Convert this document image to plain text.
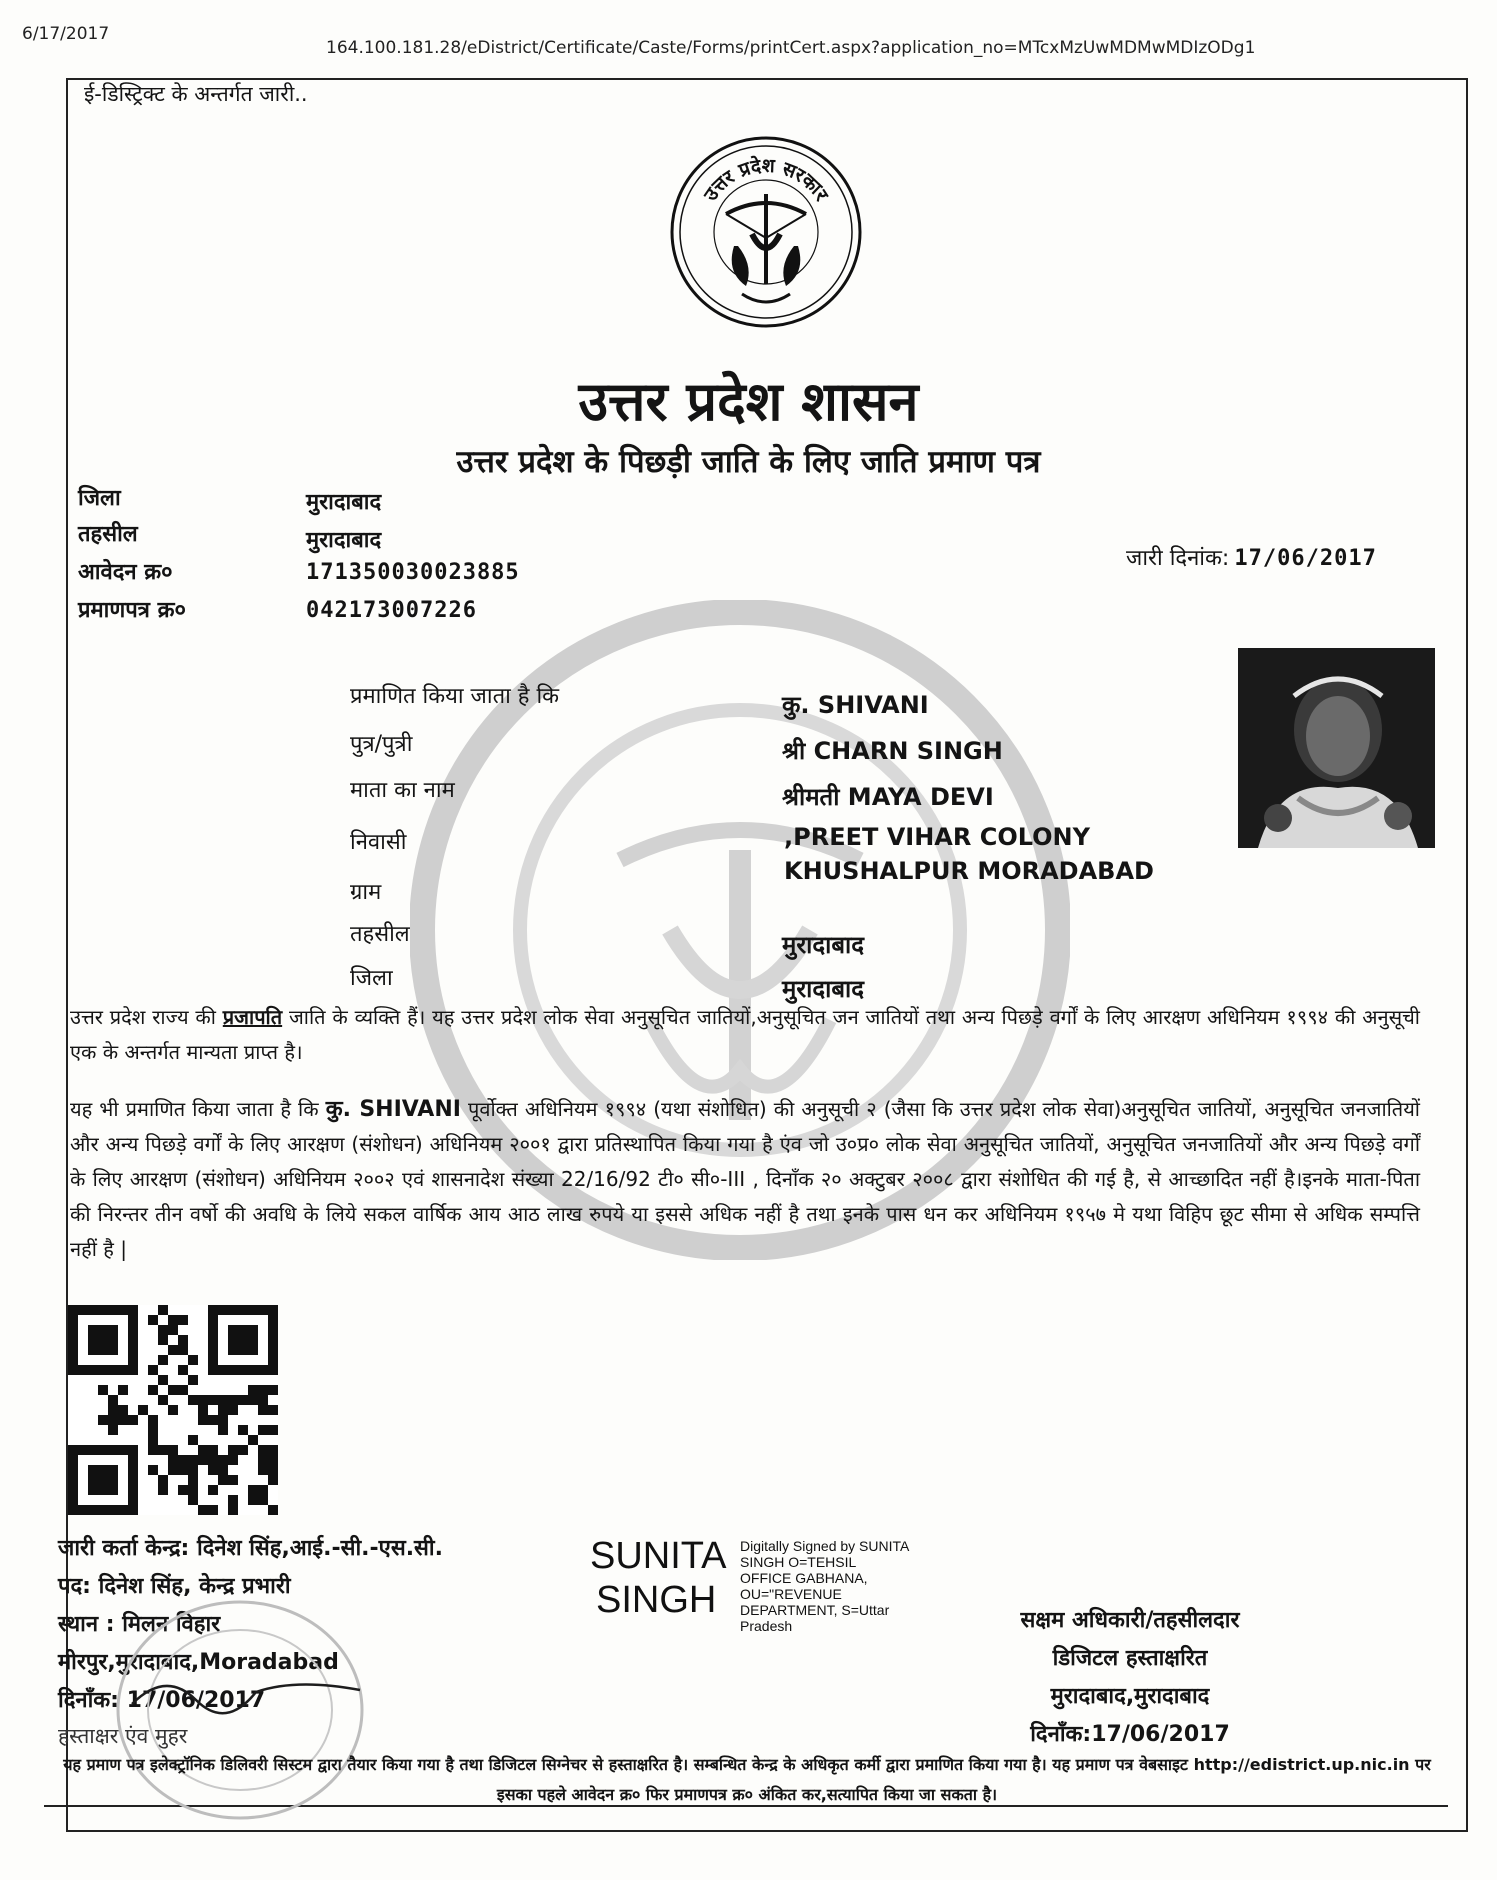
6/17/2017
164.100.181.28/eDistrict/Certificate/Caste/Forms/printCert.aspx?application_no=MTcxMzUwMDMwMDIzODg1
ई-डिस्ट्रिक्ट के अन्तर्गत जारी..
उत्तर प्रदेश सरकार
उत्तर प्रदेश शासन
उत्तर प्रदेश के पिछड़ी जाति के लिए जाति प्रमाण पत्र
जिला	मुरादाबाद
तहसील	मुरादाबाद
आवेदन क्र०	171350030023885
प्रमाणपत्र क्र०	042173007226
जारी दिनांक: 17/06/2017
प्रमाणित किया जाता है कि	कु. SHIVANI
पुत्र/पुत्री	श्री CHARN SINGH
माता का नाम	श्रीमती MAYA DEVI
निवासी	,PREET VIHAR COLONY KHUSHALPUR MORADABAD
ग्राम
तहसील	मुरादाबाद
जिला	मुरादाबाद
उत्तर प्रदेश राज्य की प्रजापति जाति के व्यक्ति हैं। यह उत्तर प्रदेश लोक सेवा अनुसूचित जातियों,अनुसूचित जन जातियों तथा अन्य पिछड़े वर्गों के लिए आरक्षण अधिनियम १९९४ की अनुसूची एक के अन्तर्गत मान्यता प्राप्त है।
यह भी प्रमाणित किया जाता है कि कु. SHIVANI पूर्वोक्त अधिनियम १९९४ (यथा संशोधित) की अनुसूची २ (जैसा कि उत्तर प्रदेश लोक सेवा)अनुसूचित जातियों, अनुसूचित जनजातियों और अन्य पिछड़े वर्गों के लिए आरक्षण (संशोधन) अधिनियम २००१ द्वारा प्रतिस्थापित किया गया है एंव जो उ०प्र० लोक सेवा अनुसूचित जातियों, अनुसूचित जनजातियों और अन्य पिछड़े वर्गों के लिए आरक्षण (संशोधन) अधिनियम २००२ एवं शासनादेश संख्या 22/16/92 टी० सी०-III , दिनाँक २० अक्टुबर २००८ द्वारा संशोधित की गई है, से आच्छादित नहीं है।इनके माता-पिता की निरन्तर तीन वर्षो की अवधि के लिये सकल वार्षिक आय आठ लाख रुपये या इससे अधिक नहीं है तथा इनके पास धन कर अधिनियम १९५७ मे यथा विहिप छूट सीमा से अधिक सम्पत्ति नहीं है |
जारी कर्ता केन्द्र: दिनेश सिंह,आई.-सी.-एस.सी.
पद: दिनेश सिंह, केन्द्र प्रभारी
स्थान : मिलन विहार
मीरपुर,मुरादाबाद,Moradabad
दिनाँक: 17/06/2017
हस्ताक्षर एंव मुहर
SUNITA
SINGH
Digitally Signed by SUNITA
SINGH O=TEHSIL
OFFICE GABHANA,
OU="REVENUE
DEPARTMENT, S=Uttar
Pradesh	सक्षम अधिकारी/तहसीलदार
डिजिटल हस्ताक्षरित
मुरादाबाद,मुरादाबाद
दिनाँक:17/06/2017
यह प्रमाण पत्र इलेक्ट्रॉनिक डिलिवरी सिस्टम द्वारा तैयार किया गया है तथा डिजिटल सिग्नेचर से हस्ताक्षरित है। सम्बन्धित केन्द्र के अधिकृत कर्मी द्वारा प्रमाणित किया गया है। यह प्रमाण पत्र वेबसाइट http://edistrict.up.nic.in पर इसका पहले आवेदन क्र० फिर प्रमाणपत्र क्र० अंकित कर,सत्यापित किया जा सकता है।
